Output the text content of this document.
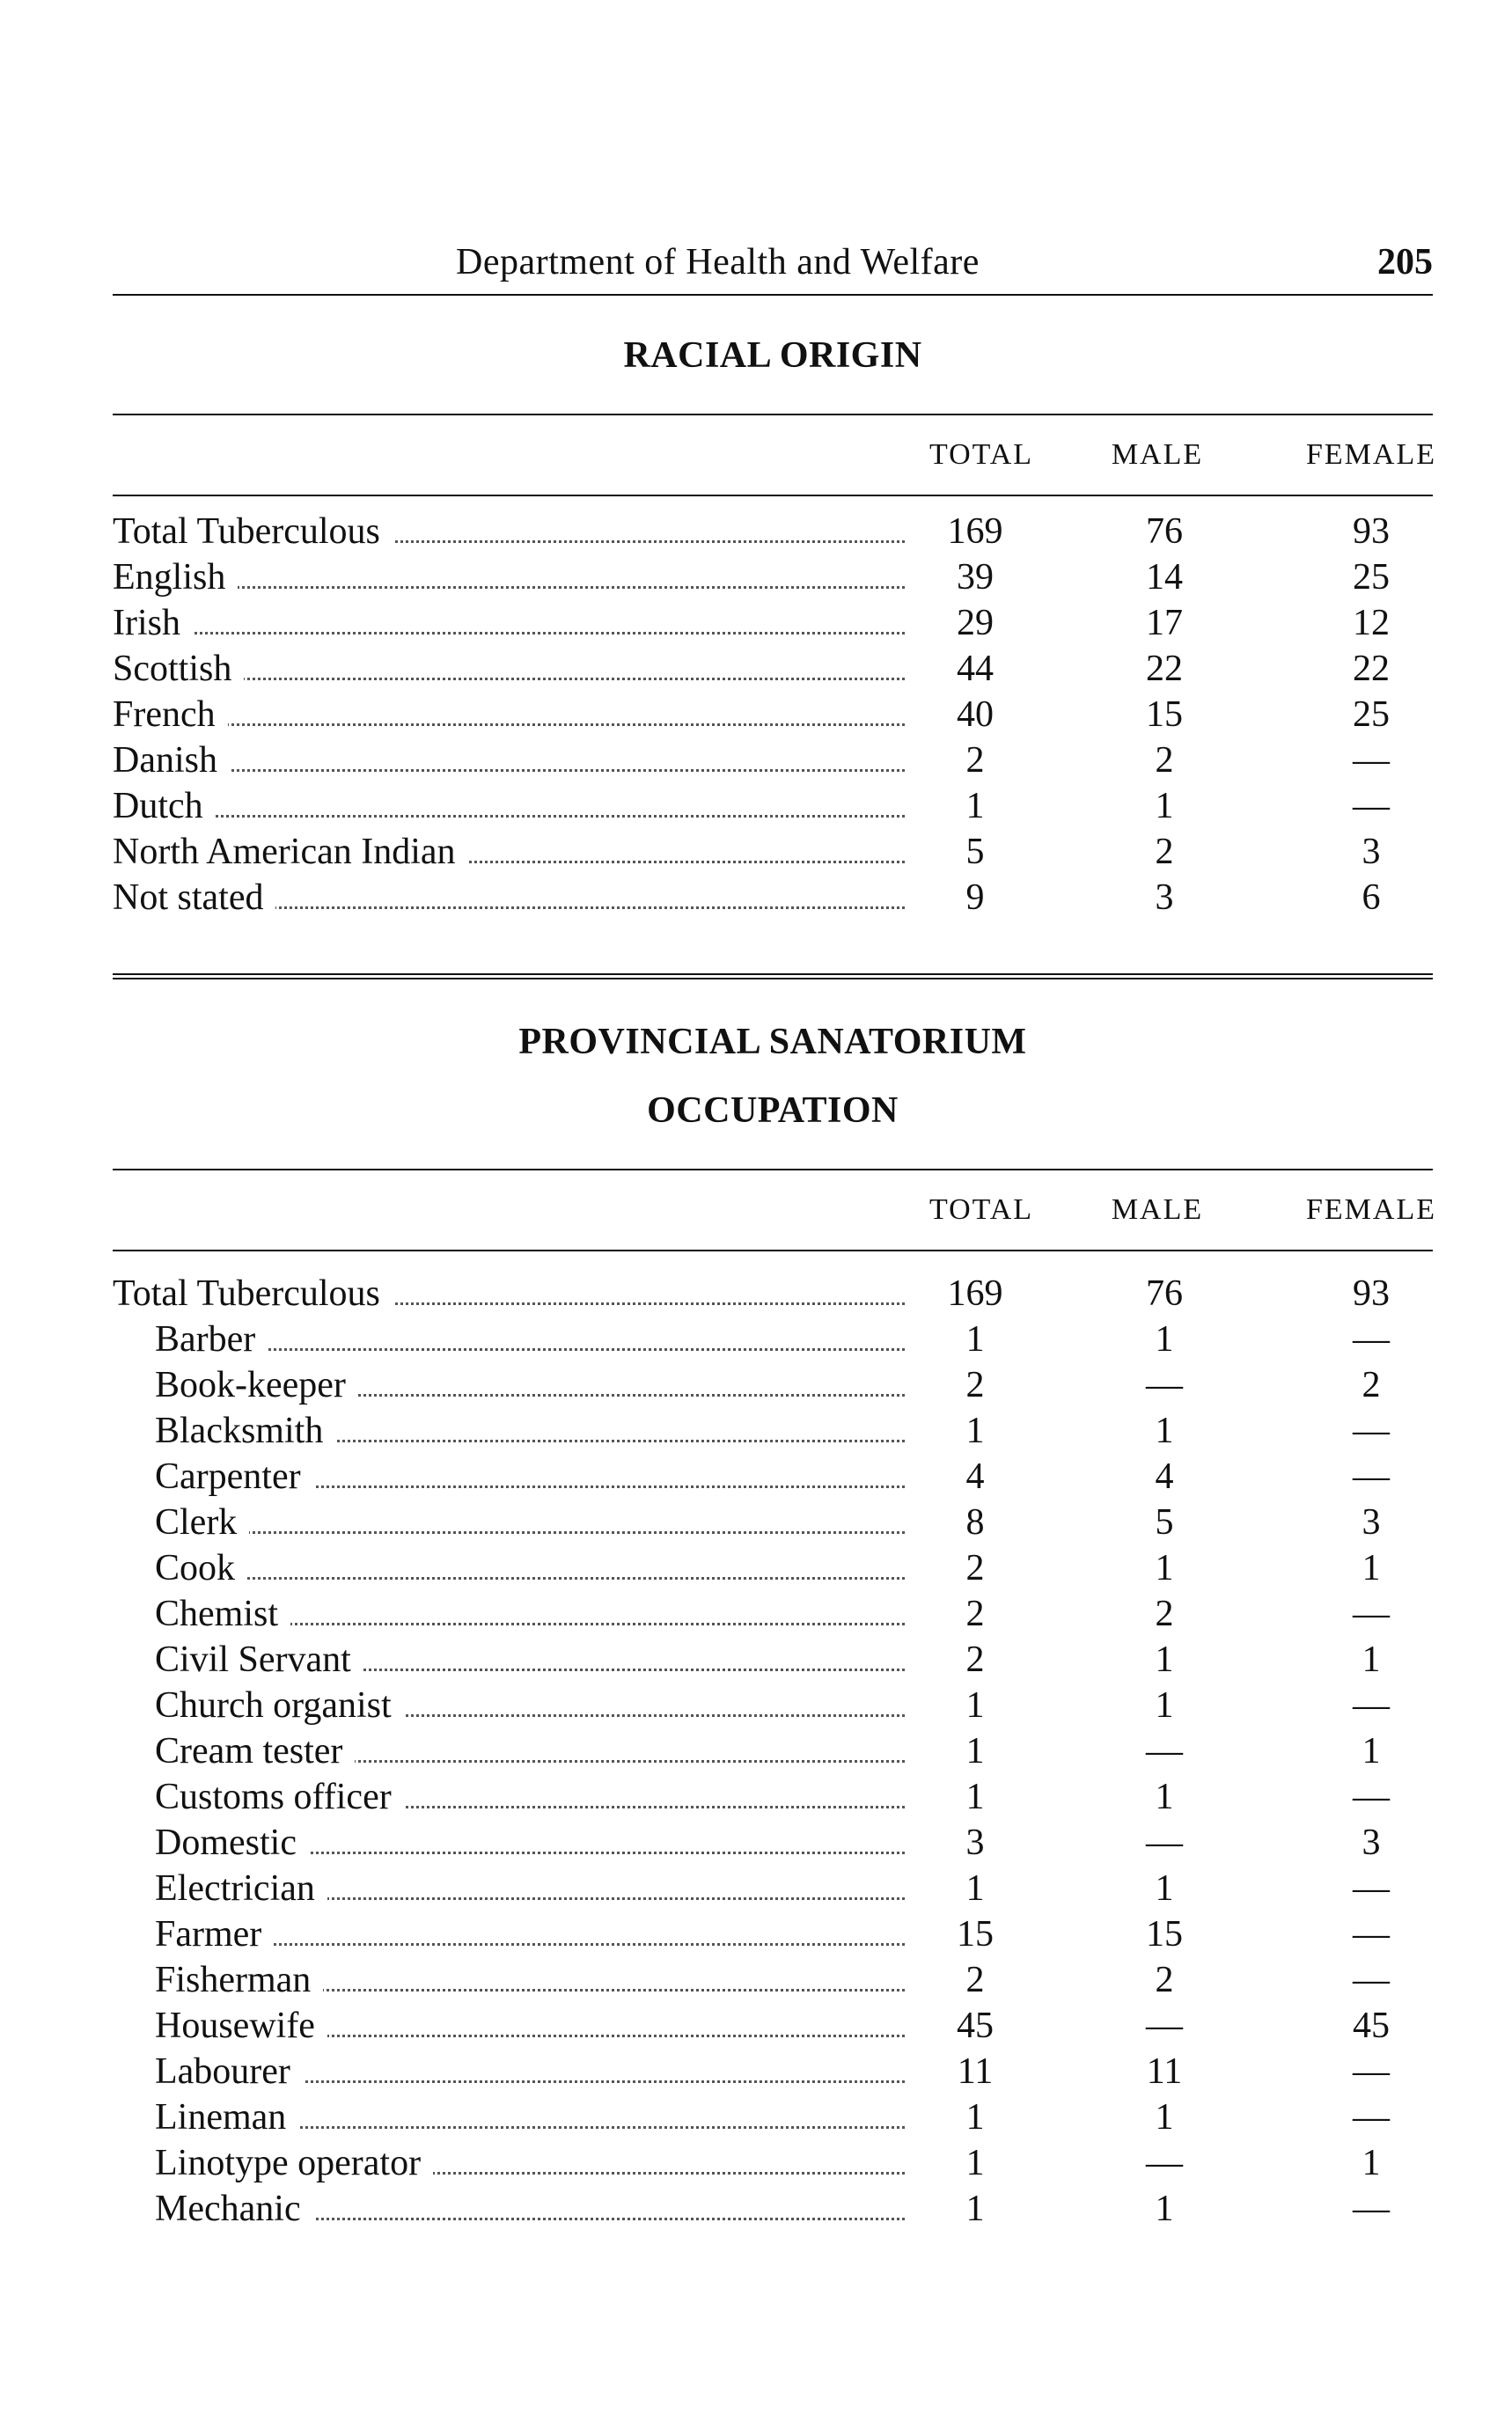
Department of Health and Welfare	205
RACIAL ORIGIN
TOTAL	MALE	FEMALE
Total Tuberculous	169	76	93
English	39	14	25
Irish	29	17	12
Scottish	44	22	22
French	40	15	25
Danish	2	2	—
Dutch	1	1	—
North American Indian	5	2	3
Not stated	9	3	6
PROVINCIAL SANATORIUM
OCCUPATION
TOTAL	MALE	FEMALE
Total Tuberculous	169	76	93
Barber	1	1	—
Book-keeper	2	—	2
Blacksmith	1	1	—
Carpenter	4	4	—
Clerk	8	5	3
Cook	2	1	1
Chemist	2	2	—
Civil Servant	2	1	1
Church organist	1	1	—
Cream tester	1	—	1
Customs officer	1	1	—
Domestic	3	—	3
Electrician	1	1	—
Farmer	15	15	—
Fisherman	2	2	—
Housewife	45	—	45
Labourer	11	11	—
Lineman	1	1	—
Linotype operator	1	—	1
Mechanic	1	1	—
